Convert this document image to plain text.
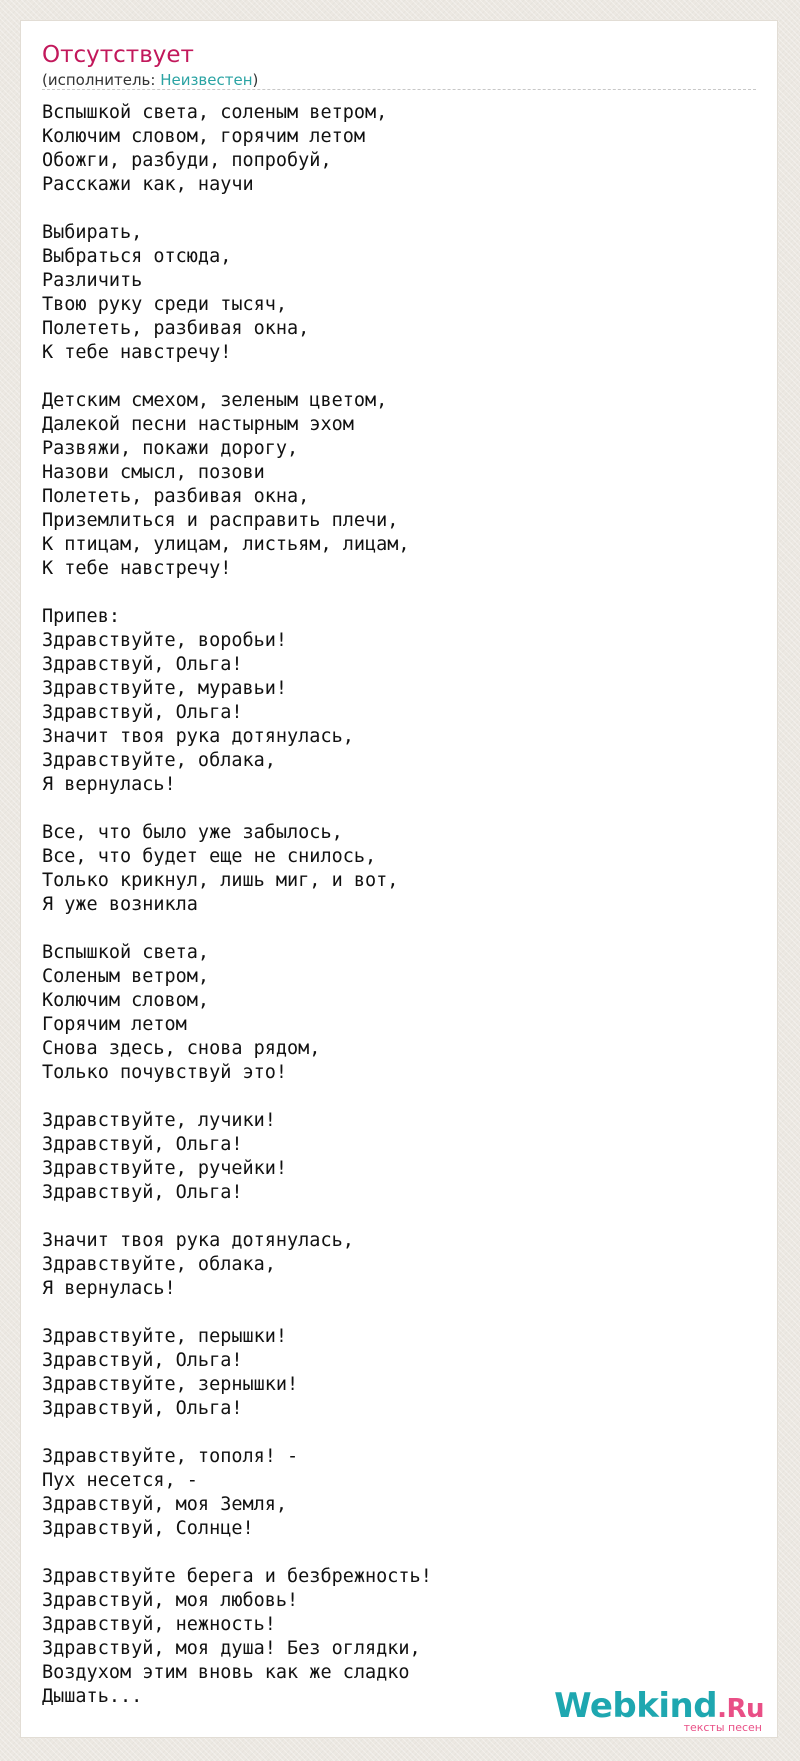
Отсутствует
(исполнитель: Неизвестен)
Вспышкой света, соленым ветром,
Колючим словом, горячим летом
Обожги, разбуди, попробуй,
Расскажи как, научи

Выбирать,
Выбраться отсюда,
Различить
Твою руку среди тысяч,
Полететь, разбивая окна,
К тебе навстречу!

Детским смехом, зеленым цветом,
Далекой песни настырным эхом
Развяжи, покажи дорогу,
Назови смысл, позови
Полететь, разбивая окна,
Приземлиться и расправить плечи,
К птицам, улицам, листьям, лицам,
К тебе навстречу!

Припев:
Здравствуйте, воробьи!
Здравствуй, Ольга!
Здравствуйте, муравьи!
Здравствуй, Ольга!
Значит твоя рука дотянулась,
Здравствуйте, облака,
Я вернулась!

Все, что было уже забылось,
Все, что будет еще не снилось,
Только крикнул, лишь миг, и вот,
Я уже возникла

Вспышкой света,
Соленым ветром,
Колючим словом,
Горячим летом
Снова здесь, снова рядом,
Только почувствуй это!

Здравствуйте, лучики!
Здравствуй, Ольга!
Здравствуйте, ручейки!
Здравствуй, Ольга!

Значит твоя рука дотянулась,
Здравствуйте, облака,
Я вернулась!

Здравствуйте, перышки!
Здравствуй, Ольга!
Здравствуйте, зернышки!
Здравствуй, Ольга!

Здравствуйте, тополя! -
Пух несется, -
Здравствуй, моя Земля,
Здравствуй, Солнце!

Здравствуйте берега и безбрежность!
Здравствуй, моя любовь!
Здравствуй, нежность!
Здравствуй, моя душа! Без оглядки,
Воздухом этим вновь как же сладко
Дышать...	Webkind.Ru
тексты песен
